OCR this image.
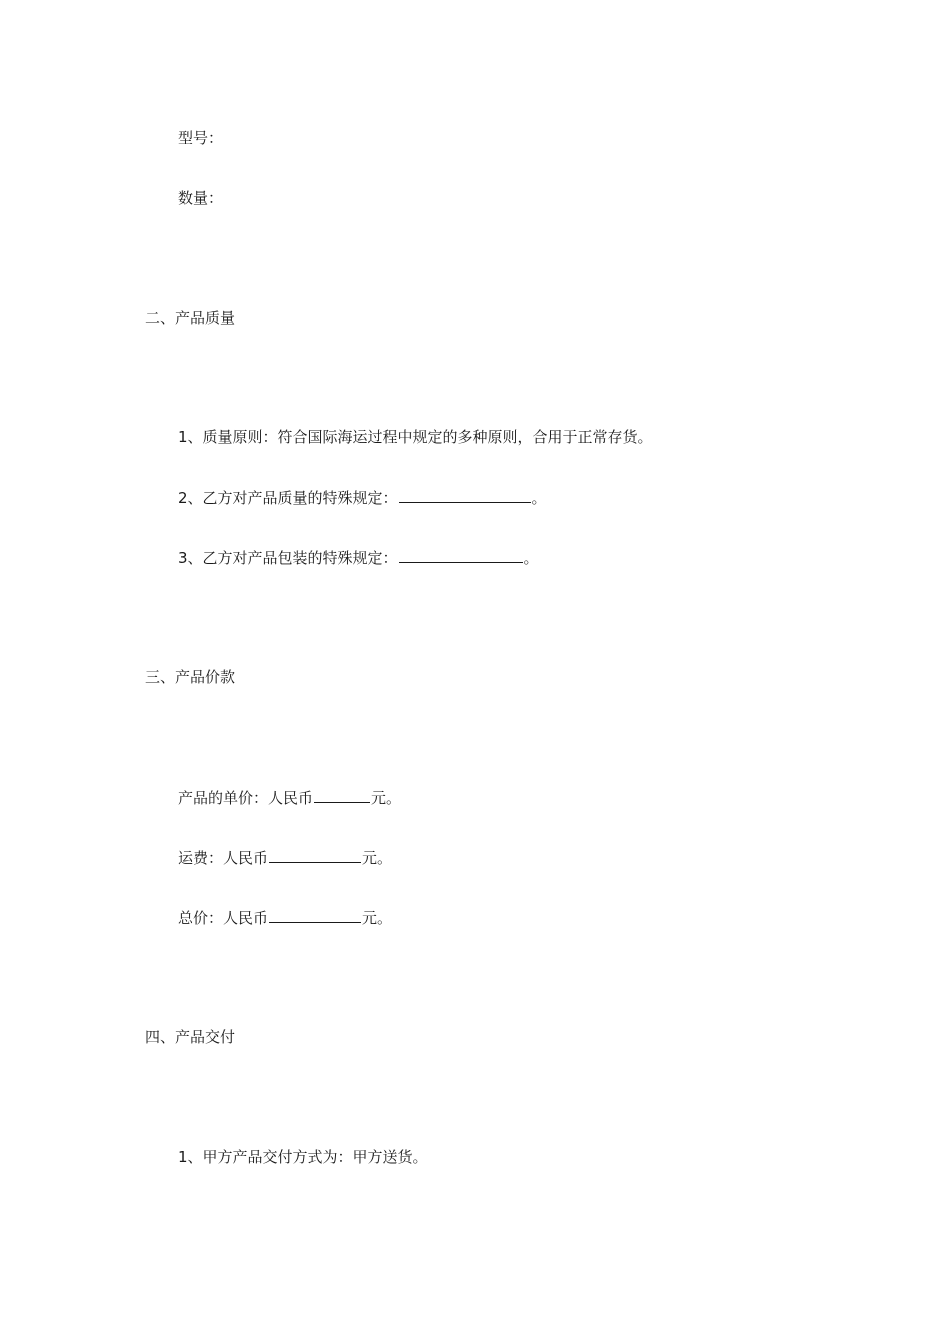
型号：
数量：
二、产品质量
1、质量原则：符合国际海运过程中规定的多种原则，合用于正常存货。
2、乙方对产品质量的特殊规定：	。
3、乙方对产品包装的特殊规定：	。
三、产品价款
产品的单价：人民币	元。
运费：人民币	元。
总价：人民币	元。
四、产品交付
1、甲方产品交付方式为：甲方送货。
